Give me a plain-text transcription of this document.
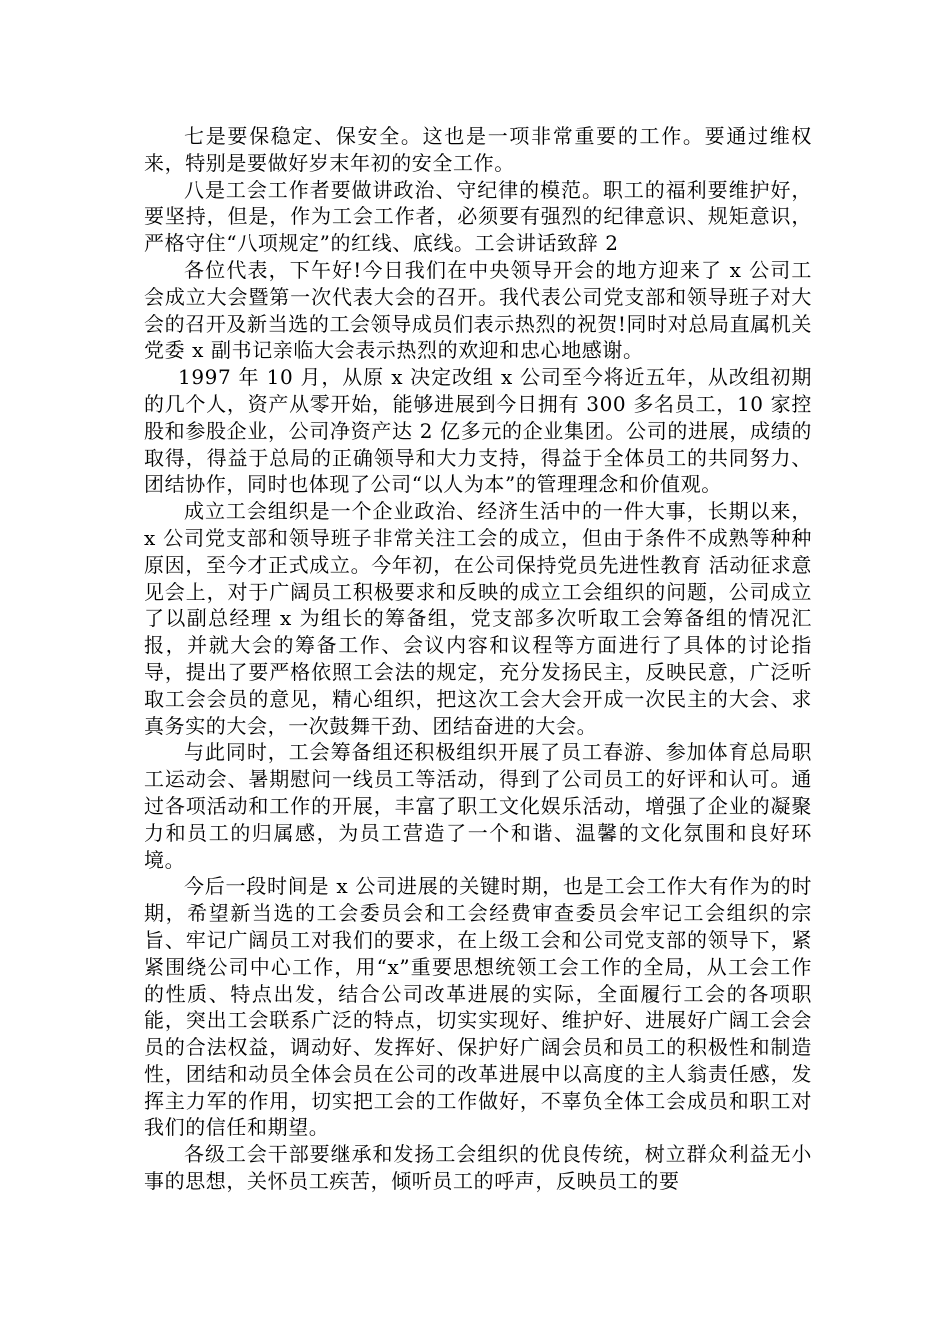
七是要保稳定、保安全。这也是一项非常重要的工作。要通过维权来，特别是要做好岁末年初的安全工作。

八是工会工作者要做讲政治、守纪律的模范。职工的福利要维护好，要坚持，但是，作为工会工作者，必须要有强烈的纪律意识、规矩意识，严格守住“八项规定”的红线、底线。工会讲话致辞 2

各位代表，下午好!今日我们在中央领导开会的地方迎来了 x 公司工会成立大会暨第一次代表大会的召开。我代表公司党支部和领导班子对大会的召开及新当选的工会领导成员们表示热烈的祝贺!同时对总局直属机关党委 x 副书记亲临大会表示热烈的欢迎和忠心地感谢。

1997 年 10 月，从原 x 决定改组 x 公司至今将近五年，从改组初期的几个人，资产从零开始，能够进展到今日拥有 300 多名员工，10 家控股和参股企业，公司净资产达 2 亿多元的企业集团。公司的进展，成绩的取得，得益于总局的正确领导和大力支持，得益于全体员工的共同努力、团结协作，同时也体现了公司“以人为本”的管理理念和价值观。

成立工会组织是一个企业政治、经济生活中的一件大事，长期以来，x 公司党支部和领导班子非常关注工会的成立，但由于条件不成熟等种种原因，至今才正式成立。今年初，在公司保持党员先进性教育 活动征求意见会上，对于广阔员工积极要求和反映的成立工会组织的问题，公司成立了以副总经理 x 为组长的筹备组，党支部多次听取工会筹备组的情况汇报，并就大会的筹备工作、会议内容和议程等方面进行了具体的讨论指导，提出了要严格依照工会法的规定，充分发扬民主，反映民意，广泛听取工会会员的意见，精心组织，把这次工会大会开成一次民主的大会、求真务实的大会，一次鼓舞干劲、团结奋进的大会。

与此同时，工会筹备组还积极组织开展了员工春游、参加体育总局职工运动会、暑期慰问一线员工等活动，得到了公司员工的好评和认可。通过各项活动和工作的开展，丰富了职工文化娱乐活动，增强了企业的凝聚力和员工的归属感，为员工营造了一个和谐、温馨的文化氛围和良好环境。

今后一段时间是 x 公司进展的关键时期，也是工会工作大有作为的时期，希望新当选的工会委员会和工会经费审查委员会牢记工会组织的宗旨、牢记广阔员工对我们的要求，在上级工会和公司党支部的领导下，紧紧围绕公司中心工作，用“x”重要思想统领工会工作的全局，从工会工作的性质、特点出发，结合公司改革进展的实际，全面履行工会的各项职能，突出工会联系广泛的特点，切实实现好、维护好、进展好广阔工会会员的合法权益，调动好、发挥好、保护好广阔会员和员工的积极性和制造性，团结和动员全体会员在公司的改革进展中以高度的主人翁责任感，发挥主力军的作用，切实把工会的工作做好，不辜负全体工会成员和职工对我们的信任和期望。

各级工会干部要继承和发扬工会组织的优良传统，树立群众利益无小事的思想，关怀员工疾苦，倾听员工的呼声，反映员工的要
